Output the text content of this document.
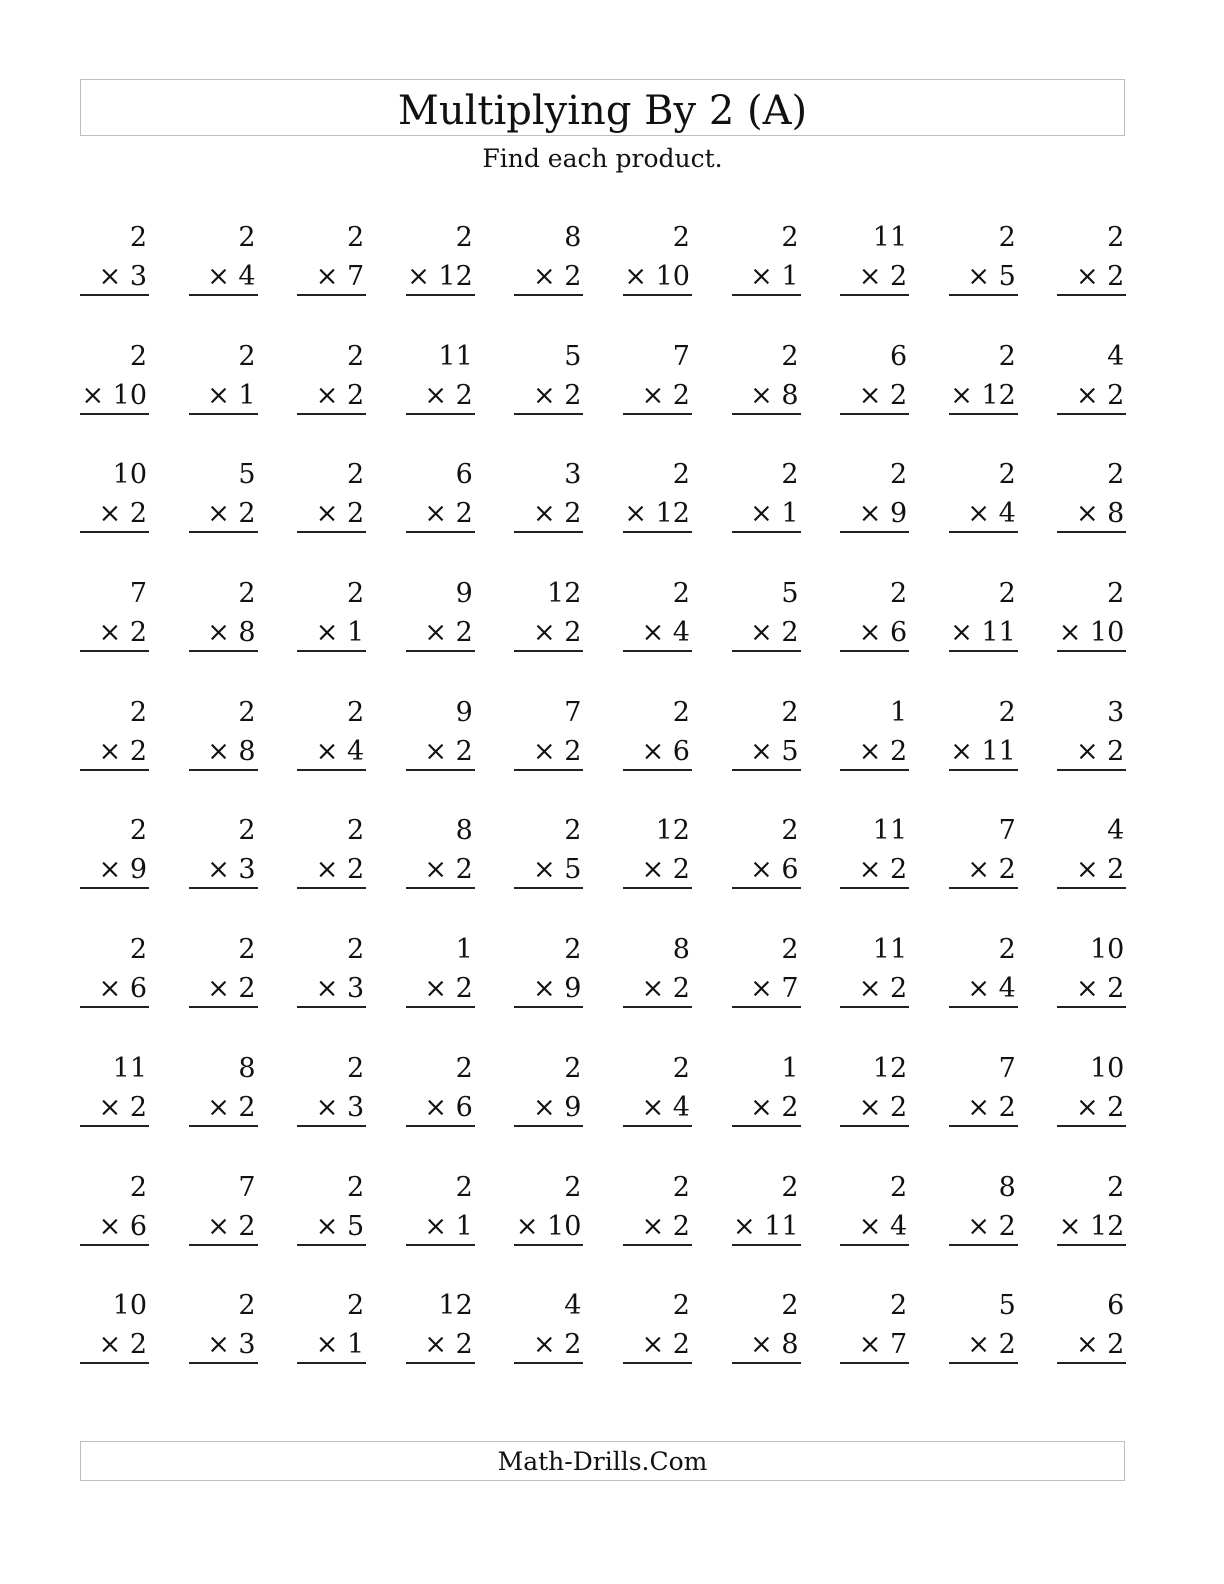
Multiplying By 2 (A)
Find each product.
2
× 3
2
× 4
2
× 7
2
× 12
8
× 2
2
× 10
2
× 1
11
× 2
2
× 5
2
× 2
2
× 10
2
× 1
2
× 2
11
× 2
5
× 2
7
× 2
2
× 8
6
× 2
2
× 12
4
× 2
10
× 2
5
× 2
2
× 2
6
× 2
3
× 2
2
× 12
2
× 1
2
× 9
2
× 4
2
× 8
7
× 2
2
× 8
2
× 1
9
× 2
12
× 2
2
× 4
5
× 2
2
× 6
2
× 11
2
× 10
2
× 2
2
× 8
2
× 4
9
× 2
7
× 2
2
× 6
2
× 5
1
× 2
2
× 11
3
× 2
2
× 9
2
× 3
2
× 2
8
× 2
2
× 5
12
× 2
2
× 6
11
× 2
7
× 2
4
× 2
2
× 6
2
× 2
2
× 3
1
× 2
2
× 9
8
× 2
2
× 7
11
× 2
2
× 4
10
× 2
11
× 2
8
× 2
2
× 3
2
× 6
2
× 9
2
× 4
1
× 2
12
× 2
7
× 2
10
× 2
2
× 6
7
× 2
2
× 5
2
× 1
2
× 10
2
× 2
2
× 11
2
× 4
8
× 2
2
× 12
10
× 2
2
× 3
2
× 1
12
× 2
4
× 2
2
× 2
2
× 8
2
× 7
5
× 2
6
× 2
Math-Drills.Com
